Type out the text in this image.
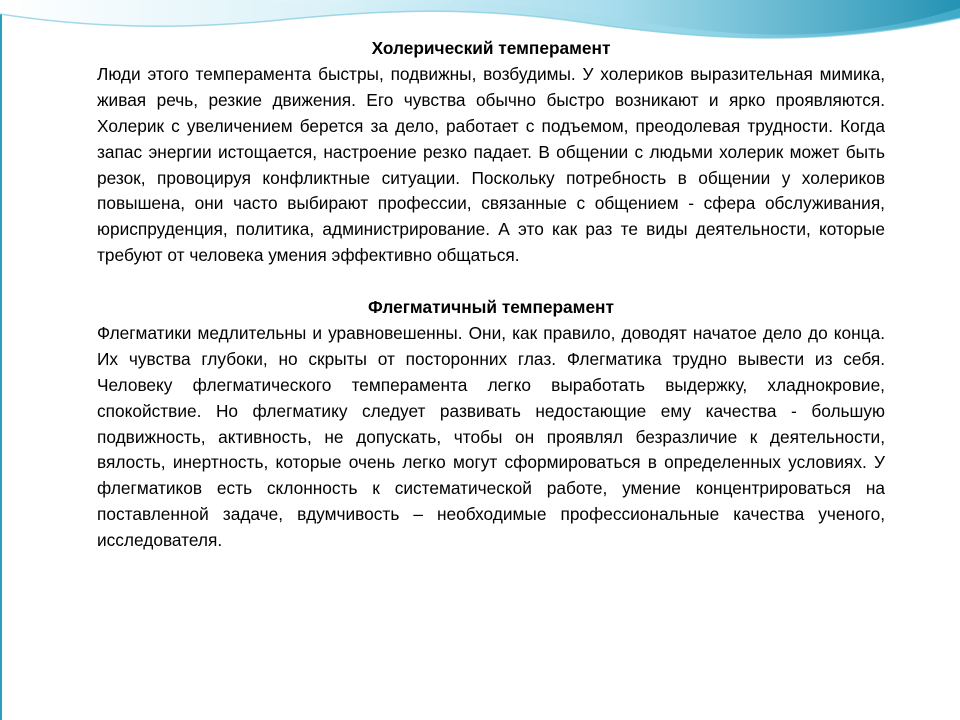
Холерический темперамент

Люди этого темперамента быстры, подвижны, возбудимы. У холериков выразительная мимика, живая речь, резкие движения. Его чувства обычно быстро возникают и ярко проявляются. Холерик с увеличением берется за дело, работает с подъемом, преодолевая трудности. Когда запас энергии истощается, настроение резко падает. В общении с людьми холерик может быть резок, провоцируя конфликтные ситуации. Поскольку потребность в общении у холериков повышена, они часто выбирают профессии, связанные с общением - сфера обслуживания, юриспруденция, политика, администрирование. А это как раз те виды деятельности, которые требуют от человека умения эффективно общаться.

Флегматичный темперамент

Флегматики медлительны и уравновешенны. Они, как правило, доводят начатое дело до конца. Их чувства глубоки, но скрыты от посторонних глаз. Флегматика трудно вывести из себя. Человеку флегматического темперамента легко выработать выдержку, хладнокровие, спокойствие. Но флегматику следует развивать недостающие ему качества - большую подвижность, активность, не допускать, чтобы он проявлял безразличие к деятельности, вялость, инертность, которые очень легко могут сформироваться в определенных условиях. У флегматиков есть склонность к систематической работе, умение концентрироваться на поставленной задаче, вдумчивость – необходимые профессиональные качества ученого, исследователя.
